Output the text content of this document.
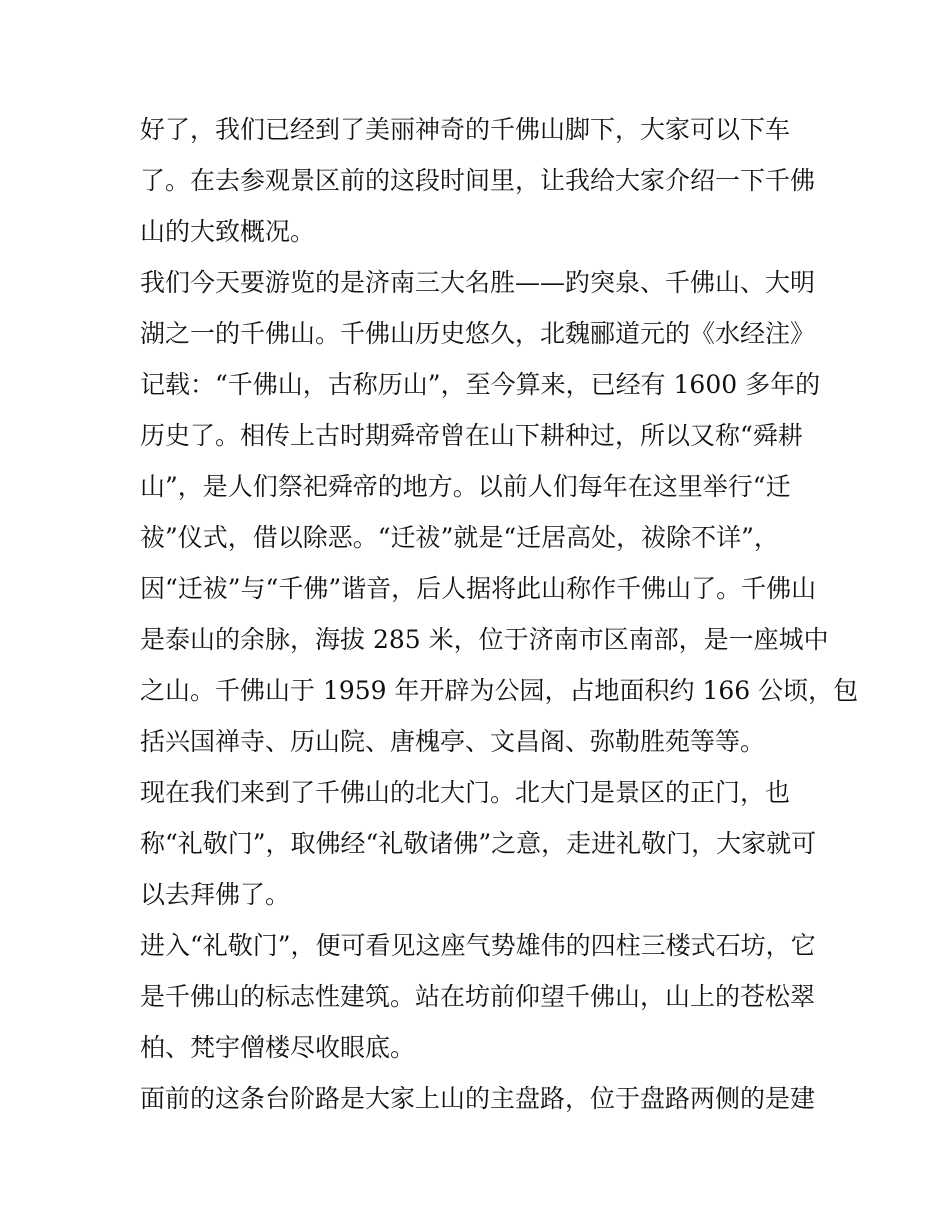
好了，我们已经到了美丽神奇的千佛山脚下，大家可以下车
了。在去参观景区前的这段时间里，让我给大家介绍一下千佛
山的大致概况。
我们今天要游览的是济南三大名胜——趵突泉、千佛山、大明
湖之一的千佛山。千佛山历史悠久，北魏郦道元的《水经注》
记载：“千佛山，古称历山”，至今算来，已经有 1600 多年的
历史了。相传上古时期舜帝曾在山下耕种过，所以又称“舜耕
山”，是人们祭祀舜帝的地方。以前人们每年在这里举行“迁
祓”仪式，借以除恶。“迁祓”就是“迁居高处，祓除不详”，
因“迁祓”与“千佛”谐音，后人据将此山称作千佛山了。千佛山
是泰山的余脉，海拔 285 米，位于济南市区南部，是一座城中
之山。千佛山于 1959 年开辟为公园，占地面积约 166 公顷，包
括兴国禅寺、历山院、唐槐亭、文昌阁、弥勒胜苑等等。
现在我们来到了千佛山的北大门。北大门是景区的正门，也
称“礼敬门”，取佛经“礼敬诸佛”之意，走进礼敬门，大家就可
以去拜佛了。
进入“礼敬门”，便可看见这座气势雄伟的四柱三楼式石坊，它
是千佛山的标志性建筑。站在坊前仰望千佛山，山上的苍松翠
柏、梵宇僧楼尽收眼底。
面前的这条台阶路是大家上山的主盘路，位于盘路两侧的是建
